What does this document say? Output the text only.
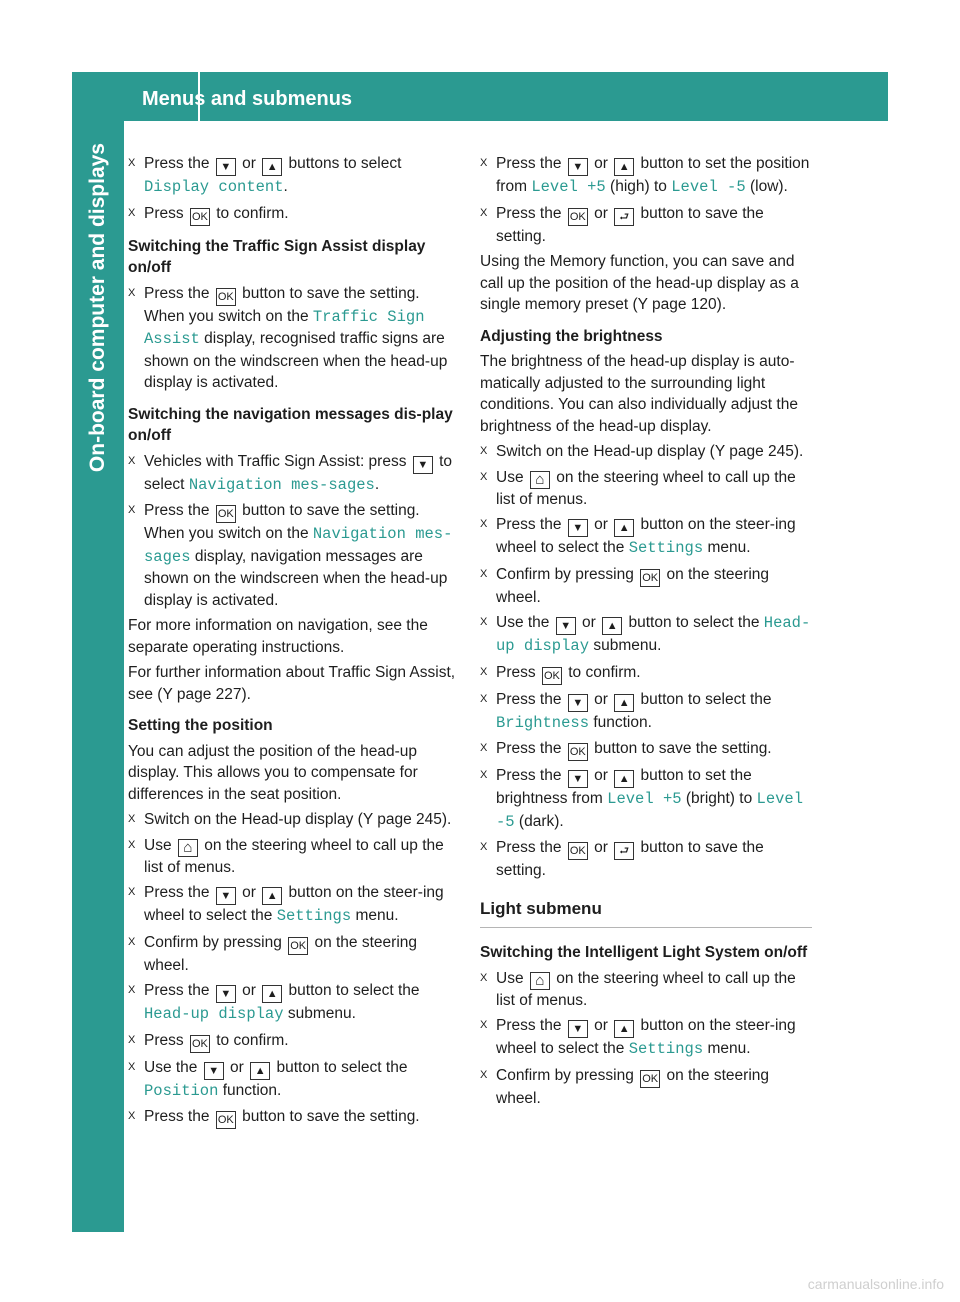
Menus and submenus
On-board computer and displays	X Press the ▼ or ▲ buttons to select Display content.
X Press OK to confirm.
Switching the Traffic Sign Assist display on/off
X Press the OK button to save the setting. When you switch on the Traffic Sign Assist display, recognised traffic signs are shown on the windscreen when the head-up display is activated.
Switching the navigation messages dis-play on/off
X Vehicles with Traffic Sign Assist: press ▼ to select Navigation mes‐sages.
X Press the OK button to save the setting. When you switch on the Navigation mes‐sages display, navigation messages are shown on the windscreen when the head-up display is activated.
For more information on navigation, see the separate operating instructions.
For further information about Traffic Sign Assist, see (Y page 227).
Setting the position
You can adjust the position of the head-up display. This allows you to compensate for differences in the seat position.
X Switch on the Head-up display (Y page 245).
X Use ⌂ on the steering wheel to call up the list of menus.
X Press the ▼ or ▲ button on the steer-ing wheel to select the Settings menu.
X Confirm by pressing OK on the steering wheel.
X Press the ▼ or ▲ button to select the Head-up display submenu.
X Press OK to confirm.
X Use the ▼ or ▲ button to select the Position function.
X Press the OK button to save the setting.
X Press the ▼ or ▲ button to set the position from Level +5 (high) to Level -5 (low).
X Press the OK or ⮐ button to save the setting.
Using the Memory function, you can save and call up the position of the head-up display as a single memory preset (Y page 120).
Adjusting the brightness
The brightness of the head-up display is auto-matically adjusted to the surrounding light conditions. You can also individually adjust the brightness of the head-up display.
X Switch on the Head-up display (Y page 245).
X Use ⌂ on the steering wheel to call up the list of menus.
X Press the ▼ or ▲ button on the steer-ing wheel to select the Settings menu.
X Confirm by pressing OK on the steering wheel.
X Use the ▼ or ▲ button to select the Head-up display submenu.
X Press OK to confirm.
X Press the ▼ or ▲ button to select the Brightness function.
X Press the OK button to save the setting.
X Press the ▼ or ▲ button to set the brightness from Level +5 (bright) to Level -5 (dark).
X Press the OK or ⮐ button to save the setting.
Light submenu
Switching the Intelligent Light System on/off
X Use ⌂ on the steering wheel to call up the list of menus.
X Press the ▼ or ▲ button on the steer-ing wheel to select the Settings menu.
X Confirm by pressing OK on the steering wheel.
carmanualsonline.info
